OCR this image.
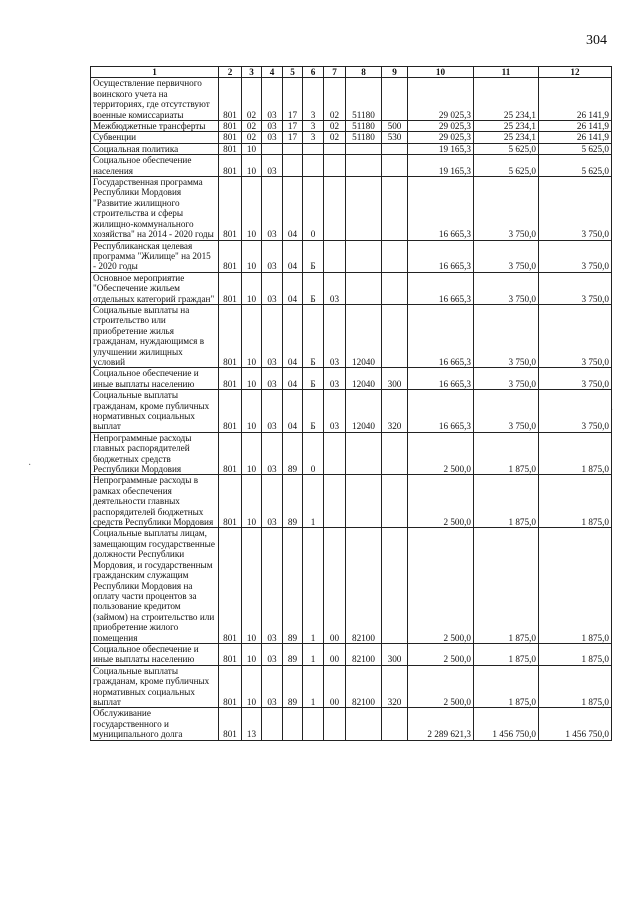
304
·
·
1	2	3	4	5	6	7	8	9	10	11	12
Осуществление первичного воинского учета на территориях, где отсутствуют военные комиссариаты	801	02	03	17	3	02	51180		29 025,3	25 234,1	26 141,9
Межбюджетные трансферты	801	02	03	17	3	02	51180	500	29 025,3	25 234,1	26 141,9
Субвенции	801	02	03	17	3	02	51180	530	29 025,3	25 234,1	26 141,9
Социальная политика	801	10							19 165,3	5 625,0	5 625,0
Социальное обеспечение населения	801	10	03						19 165,3	5 625,0	5 625,0
Государственная программа Республики Мордовия "Развитие жилищного строительства и сферы жилищно-коммунального хозяйства" на 2014 - 2020 годы	801	10	03	04	0				16 665,3	3 750,0	3 750,0
Республиканская целевая программа "Жилище" на 2015 - 2020 годы	801	10	03	04	Б				16 665,3	3 750,0	3 750,0
Основное мероприятие "Обеспечение жильем отдельных категорий граждан"	801	10	03	04	Б	03			16 665,3	3 750,0	3 750,0
Социальные выплаты на строительство или приобретение жилья гражданам, нуждающимся в улучшении жилищных условий	801	10	03	04	Б	03	12040		16 665,3	3 750,0	3 750,0
Социальное обеспечение и иные выплаты населению	801	10	03	04	Б	03	12040	300	16 665,3	3 750,0	3 750,0
Социальные выплаты гражданам, кроме публичных нормативных социальных выплат	801	10	03	04	Б	03	12040	320	16 665,3	3 750,0	3 750,0
Непрограммные расходы главных распорядителей бюджетных средств Республики Мордовия	801	10	03	89	0				2 500,0	1 875,0	1 875,0
Непрограммные расходы в рамках обеспечения деятельности главных распорядителей бюджетных средств Республики Мордовия	801	10	03	89	1				2 500,0	1 875,0	1 875,0
Социальные выплаты лицам, замещающим государственные должности Республики Мордовия, и государственным гражданским служащим Республики Мордовия на оплату части процентов за пользование кредитом (займом) на строительство или приобретение жилого помещения	801	10	03	89	1	00	82100		2 500,0	1 875,0	1 875,0
Социальное обеспечение и иные выплаты населению	801	10	03	89	1	00	82100	300	2 500,0	1 875,0	1 875,0
Социальные выплаты гражданам, кроме публичных нормативных социальных выплат	801	10	03	89	1	00	82100	320	2 500,0	1 875,0	1 875,0
Обслуживание государственного и муниципального долга	801	13							2 289 621,3	1 456 750,0	1 456 750,0
